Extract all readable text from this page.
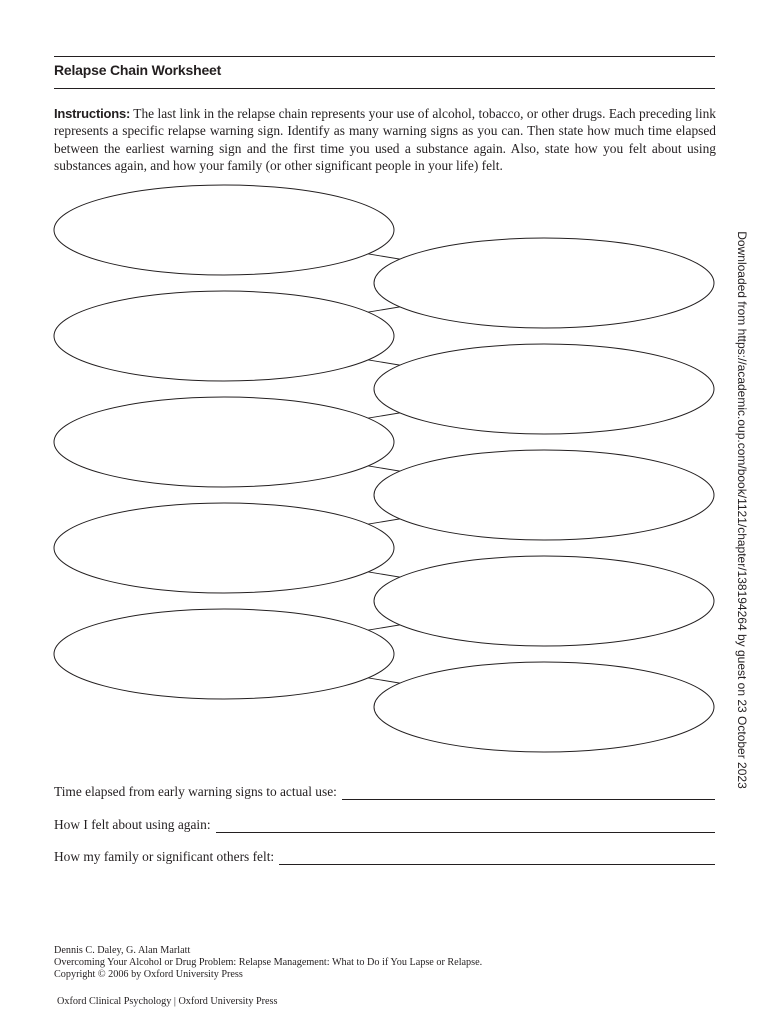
Relapse Chain Worksheet

Instructions: The last link in the relapse chain represents your use of alcohol, tobacco, or other drugs. Each preceding link represents a specific relapse warning sign. Identify as many warning signs as you can. Then state how much time elapsed between the earliest warning sign and the first time you used a substance again. Also, state how you felt about using substances again, and how your family (or other significant people in your life) felt.

Time elapsed from early warning signs to actual use:
How I felt about using again:
How my family or significant others felt:
Dennis C. Daley, G. Alan Marlatt
Overcoming Your Alcohol or Drug Problem: Relapse Management: What to Do if You Lapse or Relapse.
Copyright © 2006 by Oxford University Press
Oxford Clinical Psychology | Oxford University Press
Downloaded from https://academic.oup.com/book/1121/chapter/138194264 by guest on 23 October 2023
